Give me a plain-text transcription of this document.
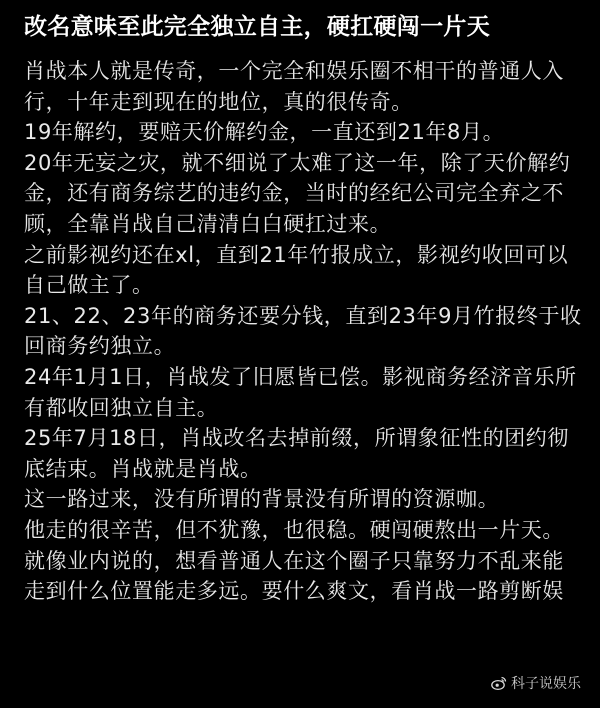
改名意味至此完全独立自主，硬扛硬闯一片天

肖战本人就是传奇，一个完全和娱乐圈不相干的普通人入行，十年走到现在的地位，真的很传奇。

19年解约，要赔天价解约金，一直还到21年8月。

20年无妄之灾，就不细说了太难了这一年，除了天价解约金，还有商务综艺的违约金，当时的经纪公司完全弃之不顾，全靠肖战自己清清白白硬扛过来。

之前影视约还在xl，直到21年竹报成立，影视约收回可以自己做主了。

21、22、23年的商务还要分钱，直到23年9月竹报终于收回商务约独立。

24年1月1日，肖战发了旧愿皆已偿。影视商务经济音乐所有都收回独立自主。

25年7月18日，肖战改名去掉前缀，所谓象征性的团约彻底结束。肖战就是肖战。

这一路过来，没有所谓的背景没有所谓的资源咖。

他走的很辛苦，但不犹豫，也很稳。硬闯硬熬出一片天。

就像业内说的，想看普通人在这个圈子只靠努力不乱来能走到什么位置能走多远。要什么爽文，看肖战一路剪断娱

科子说娱乐
